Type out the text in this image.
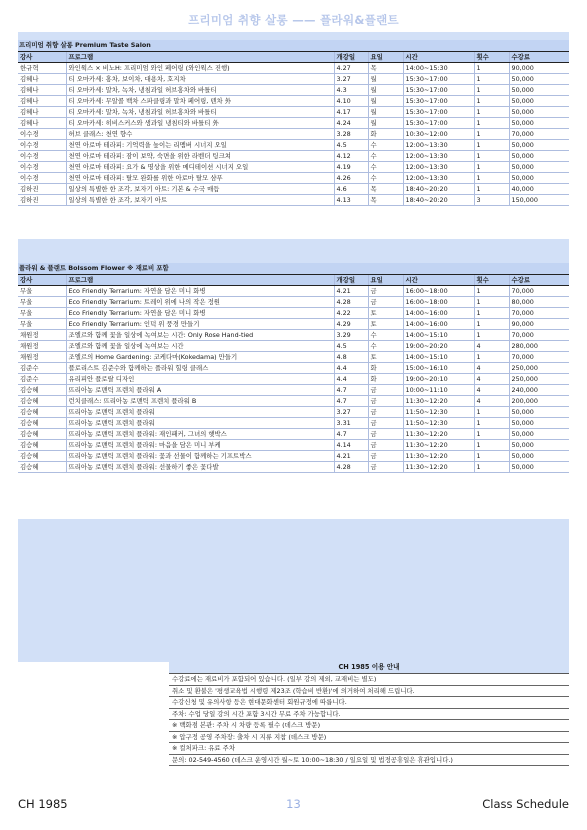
프리미엄 취향 살롱 —— 플라워&플랜트
프리미엄 취향 살롱 Premium Taste Salon
강사	프로그램	개강일	요일	시간	횟수	수강료
한규혁	와인웍스 × 비노H: 프리미엄 와인 페어링 (와인웍스 진행)	4.27	목	14:00~15:30	1	90,000
김혜나	티 오마카세: 홍차, 보이차, 대용차, 호지차	3.27	월	15:30~17:00	1	50,000
김혜나	티 오마카세: 말차, 녹차, 냉침과일 허브홍차와 바틀티	4.3	월	15:30~17:00	1	50,000
김혜나	티 오마카세: 무알콜 백차 스파클링과 말차 페어링, 텐차 外	4.10	월	15:30~17:00	1	50,000
김혜나	티 오마카세: 말차, 녹차, 냉침과일 허브홍차와 바틀티	4.17	월	15:30~17:00	1	50,000
김혜나	티 오마카세: 히비스커스와 생과일 냉침티와 바틀티 外	4.24	월	15:30~17:00	1	50,000
이수경	허브 클래스: 천연 향수	3.28	화	10:30~12:00	1	70,000
이수경	천연 아로마 테라피: 기억력을 높이는 리멤버 시너지 오일	4.5	수	12:00~13:30	1	50,000
이수경	천연 아로마 테라피: 잠이 보약, 숙면을 위한 라벤더 팅크쳐	4.12	수	12:00~13:30	1	50,000
이수경	천연 아로마 테라피: 요가 & 명상을 위한 메디테이션 시너지 오일	4.19	수	12:00~13:30	1	50,000
이수경	천연 아로마 테라피: 탈모 완화를 위한 아로마 탈모 샴푸	4.26	수	12:00~13:30	1	50,000
김하진	일상의 특별한 한 조각, 보자기 아트: 기본 & 수국 매듭	4.6	목	18:40~20:20	1	40,000
김하진	일상의 특별한 한 조각, 보자기 아트	4.13	목	18:40~20:20	3	150,000
플라워 & 플랜트 Bolssom Flower ※ 재료비 포함
강사	프로그램	개강일	요일	시간	횟수	수강료
무울	Eco Friendly Terrarium: 자연을 담은 미니 화병	4.21	금	16:00~18:00	1	70,000
무울	Eco Friendly Terrarium: 트레이 위에 나의 작은 정원	4.28	금	16:00~18:00	1	80,000
무울	Eco Friendly Terrarium: 자연을 담은 미니 화병	4.22	토	14:00~16:00	1	70,000
무울	Eco Friendly Terrarium: 인덕 위 풍경 만들기	4.29	토	14:00~16:00	1	90,000
채원정	조엘르와 함께 꽃을 일상에 녹여보는 시간: Only Rose Hand-tied	3.29	수	14:00~15:10	1	70,000
채원정	조엘르와 함께 꽃을 일상에 녹여보는 시간	4.5	수	19:00~20:20	4	280,000
채원정	조엘르의 Home Gardening: 코케다마(Kokedama) 만들기	4.8	토	14:00~15:10	1	70,000
김준수	플로리스트 김준수와 함께하는 플라워 힐링 클래스	4.4	화	15:00~16:10	4	250,000
김준수	유리피안 플로랄 디자인	4.4	화	19:00~20:10	4	250,000
김승혜	뜨리아농 로맨틱 프렌치 플라워 A	4.7	금	10:00~11:10	4	240,000
김승혜	런치클래스: 뜨리아농 로맨틱 프렌치 플라워 B	4.7	금	11:30~12:20	4	200,000
김승혜	뜨리아농 로맨틱 프렌치 플라워	3.27	금	11:50~12:30	1	50,000
김승혜	뜨리아농 로맨틱 프렌치 플라워	3.31	금	11:50~12:30	1	50,000
김승혜	뜨리아농 로맨틱 프렌치 플라워: 재인패커, 그녀의 햇박스	4.7	금	11:30~12:20	1	50,000
김승혜	뜨리아농 로맨틱 프렌치 플라워: 마음을 담은 미니 부케	4.14	금	11:30~12:20	1	50,000
김승혜	뜨리아농 로맨틱 프렌치 플라워: 꽃과 선물이 함께하는 기프트박스	4.21	금	11:30~12:20	1	50,000
김승혜	뜨리아농 로맨틱 프렌치 플라워: 선물하기 좋은 꽃다발	4.28	금	11:30~12:20	1	50,000
CH 1985 이용 안내
수강료에는 재료비가 포함되어 있습니다. (일부 강의 제외, 교재비는 별도)
취소 및 환불은 '평생교육법 시행령 제23조 (학습비 반환)'에 의거하여 처리해 드립니다.
수강신청 및 유의사항 등은 현대문화센터 회원규정에 따릅니다.
주차: 수업 당일 강의 시간 포함 3시간 무료 주차 가능합니다.
※ 백화점 본관: 주차 시 차량 등록 필수 (데스크 방문)
※ 압구정 공영 주차장: 출차 시 지류 지참 (데스크 방문)
※ 컬처파크: 유료 주차
문의: 02-549-4560 (데스크 운영시간 월~토 10:00~18:30 / 일요일 및 법정공휴일은 휴관입니다.)
13
CH 1985	Class Schedule
